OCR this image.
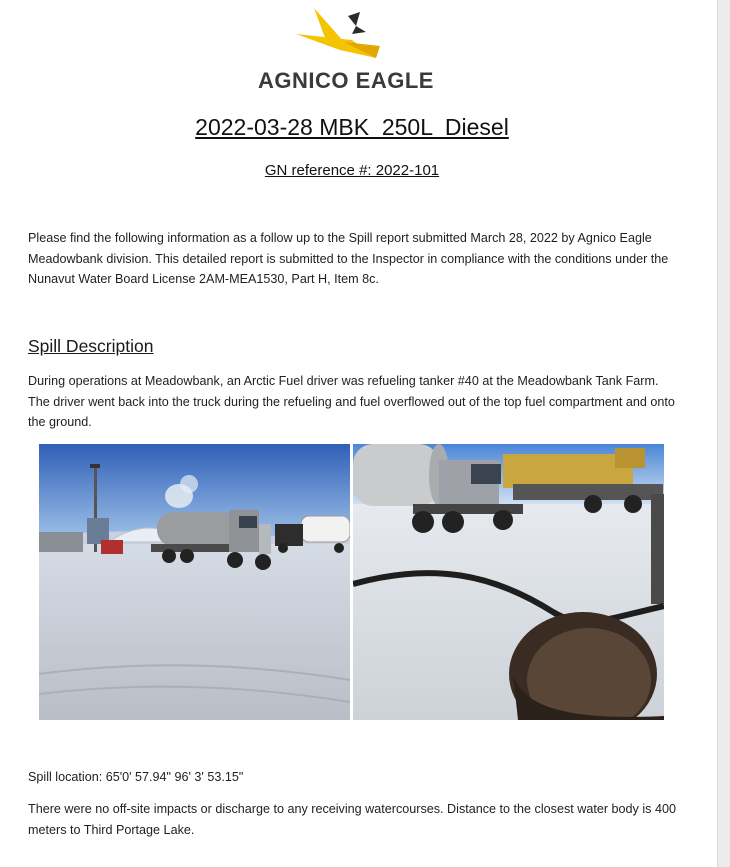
AGNICO EAGLE
2022-03-28 MBK  250L  Diesel
GN reference #: 2022-101
Please find the following information as a follow up to the Spill report submitted March 28, 2022 by Agnico Eagle Meadowbank division. This detailed report is submitted to the Inspector in compliance with the conditions under the Nunavut Water Board License 2AM-MEA1530, Part H, Item 8c.
Spill Description
During operations at Meadowbank, an Arctic Fuel driver was refueling tanker #40 at the Meadowbank Tank Farm. The driver went back into the truck during the refueling and fuel overflowed out of the top fuel compartment and onto the ground.
Spill location: 65'0' 57.94" 96' 3' 53.15"
There were no off-site impacts or discharge to any receiving watercourses. Distance to the closest water body is 400 meters to Third Portage Lake.
